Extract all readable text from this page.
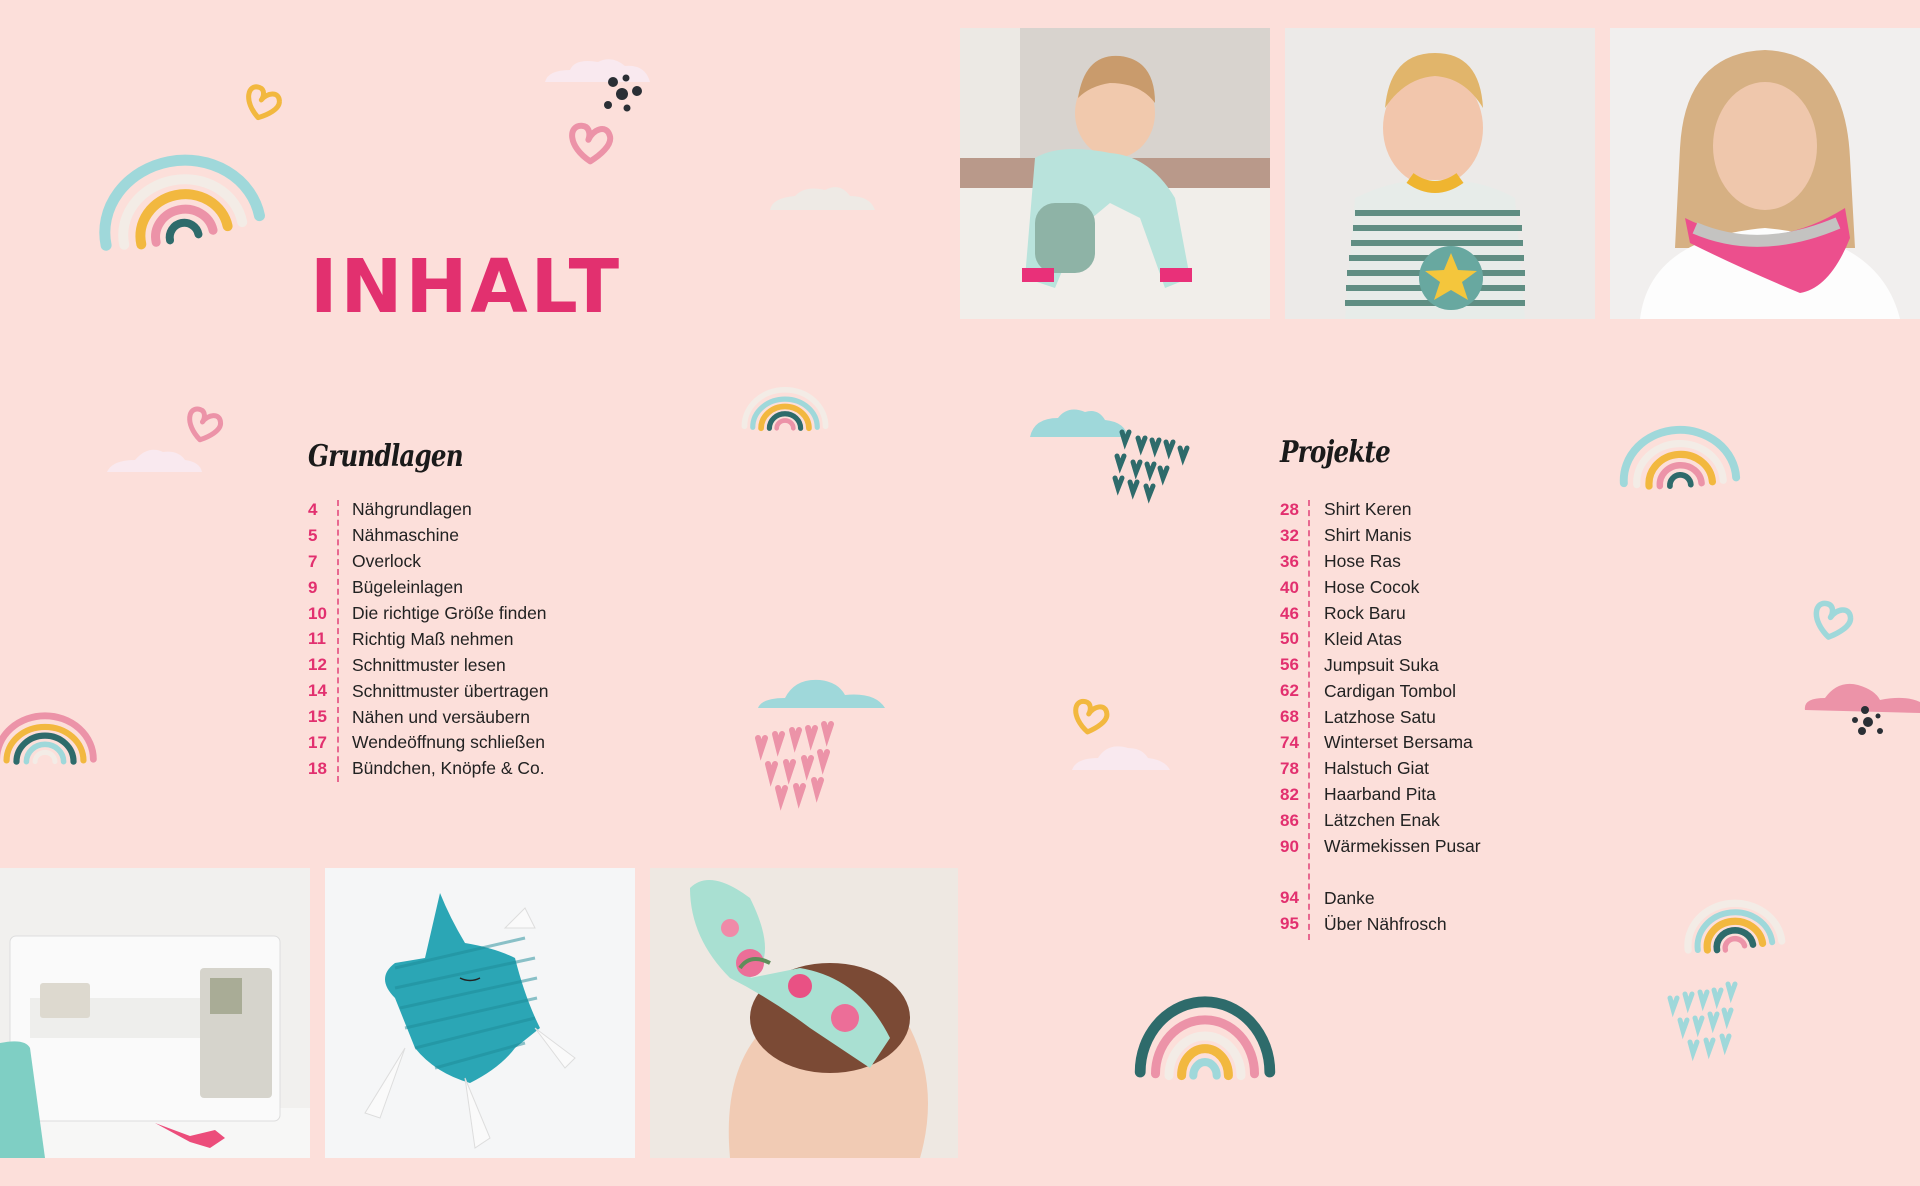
INHALT
Grundlagen
4	Nähgrundlagen
5	Nähmaschine
7	Overlock
9	Bügeleinlagen
10	Die richtige Größe finden
11	Richtig Maß nehmen
12	Schnittmuster lesen
14	Schnittmuster übertragen
15	Nähen und versäubern
17	Wendeöffnung schließen
18	Bündchen, Knöpfe & Co.
Projekte
28	Shirt Keren
32	Shirt Manis
36	Hose Ras
40	Hose Cocok
46	Rock Baru
50	Kleid Atas
56	Jumpsuit Suka
62	Cardigan Tombol
68	Latzhose Satu
74	Winterset Bersama
78	Halstuch Giat
82	Haarband Pita
86	Lätzchen Enak
90	Wärmekissen Pusar
94	Danke
95	Über Nähfrosch
